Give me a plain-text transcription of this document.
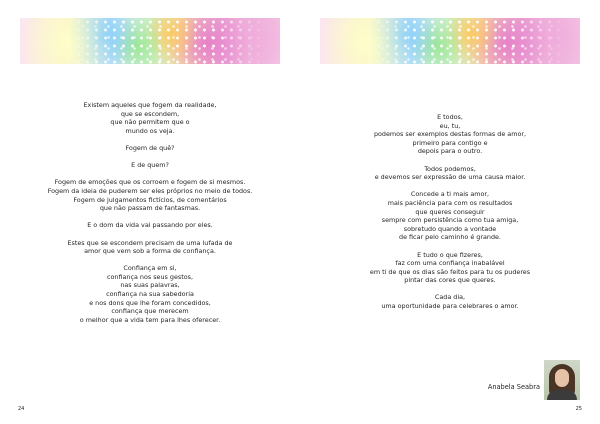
Existem aqueles que fogem da realidade,
que se escondem,
que não permitem que o
mundo os veja.
Fogem de quê?
E de quem?
Fogem de emoções que os corroem e fogem de si mesmos.
Fogem da ideia de puderem ser eles próprios no meio de todos.
Fogem de julgamentos fictícios, de comentários
que não passam de fantasmas.
E o dom da vida vai passando por eles.
Estes que se escondem precisam de uma lufada de
amor que vem sob a forma de confiança.
Confiança em si,
confiança nos seus gestos,
nas suas palavras,
confiança na sua sabedoria
e nos dons que lhe foram concedidos,
confiança que merecem
o melhor que a vida tem para lhes oferecer.
24
E todos,
eu, tu,
podemos ser exemplos destas formas de amor,
primeiro para contigo e
depois para o outro.
Todos podemos,
e devemos ser expressão de uma causa maior.
Concede a ti mais amor,
mais paciência para com os resultados
que queres conseguir
sempre com persistência como tua amiga,
sobretudo quando a vontade
de ficar pelo caminho é grande.
E tudo o que fizeres,
faz com uma confiança inabalável
em ti de que os dias são feitos para tu os puderes
pintar das cores que queres.
Cada dia,
uma oportunidade para celebrares o amor.
Anabela Seabra
25
